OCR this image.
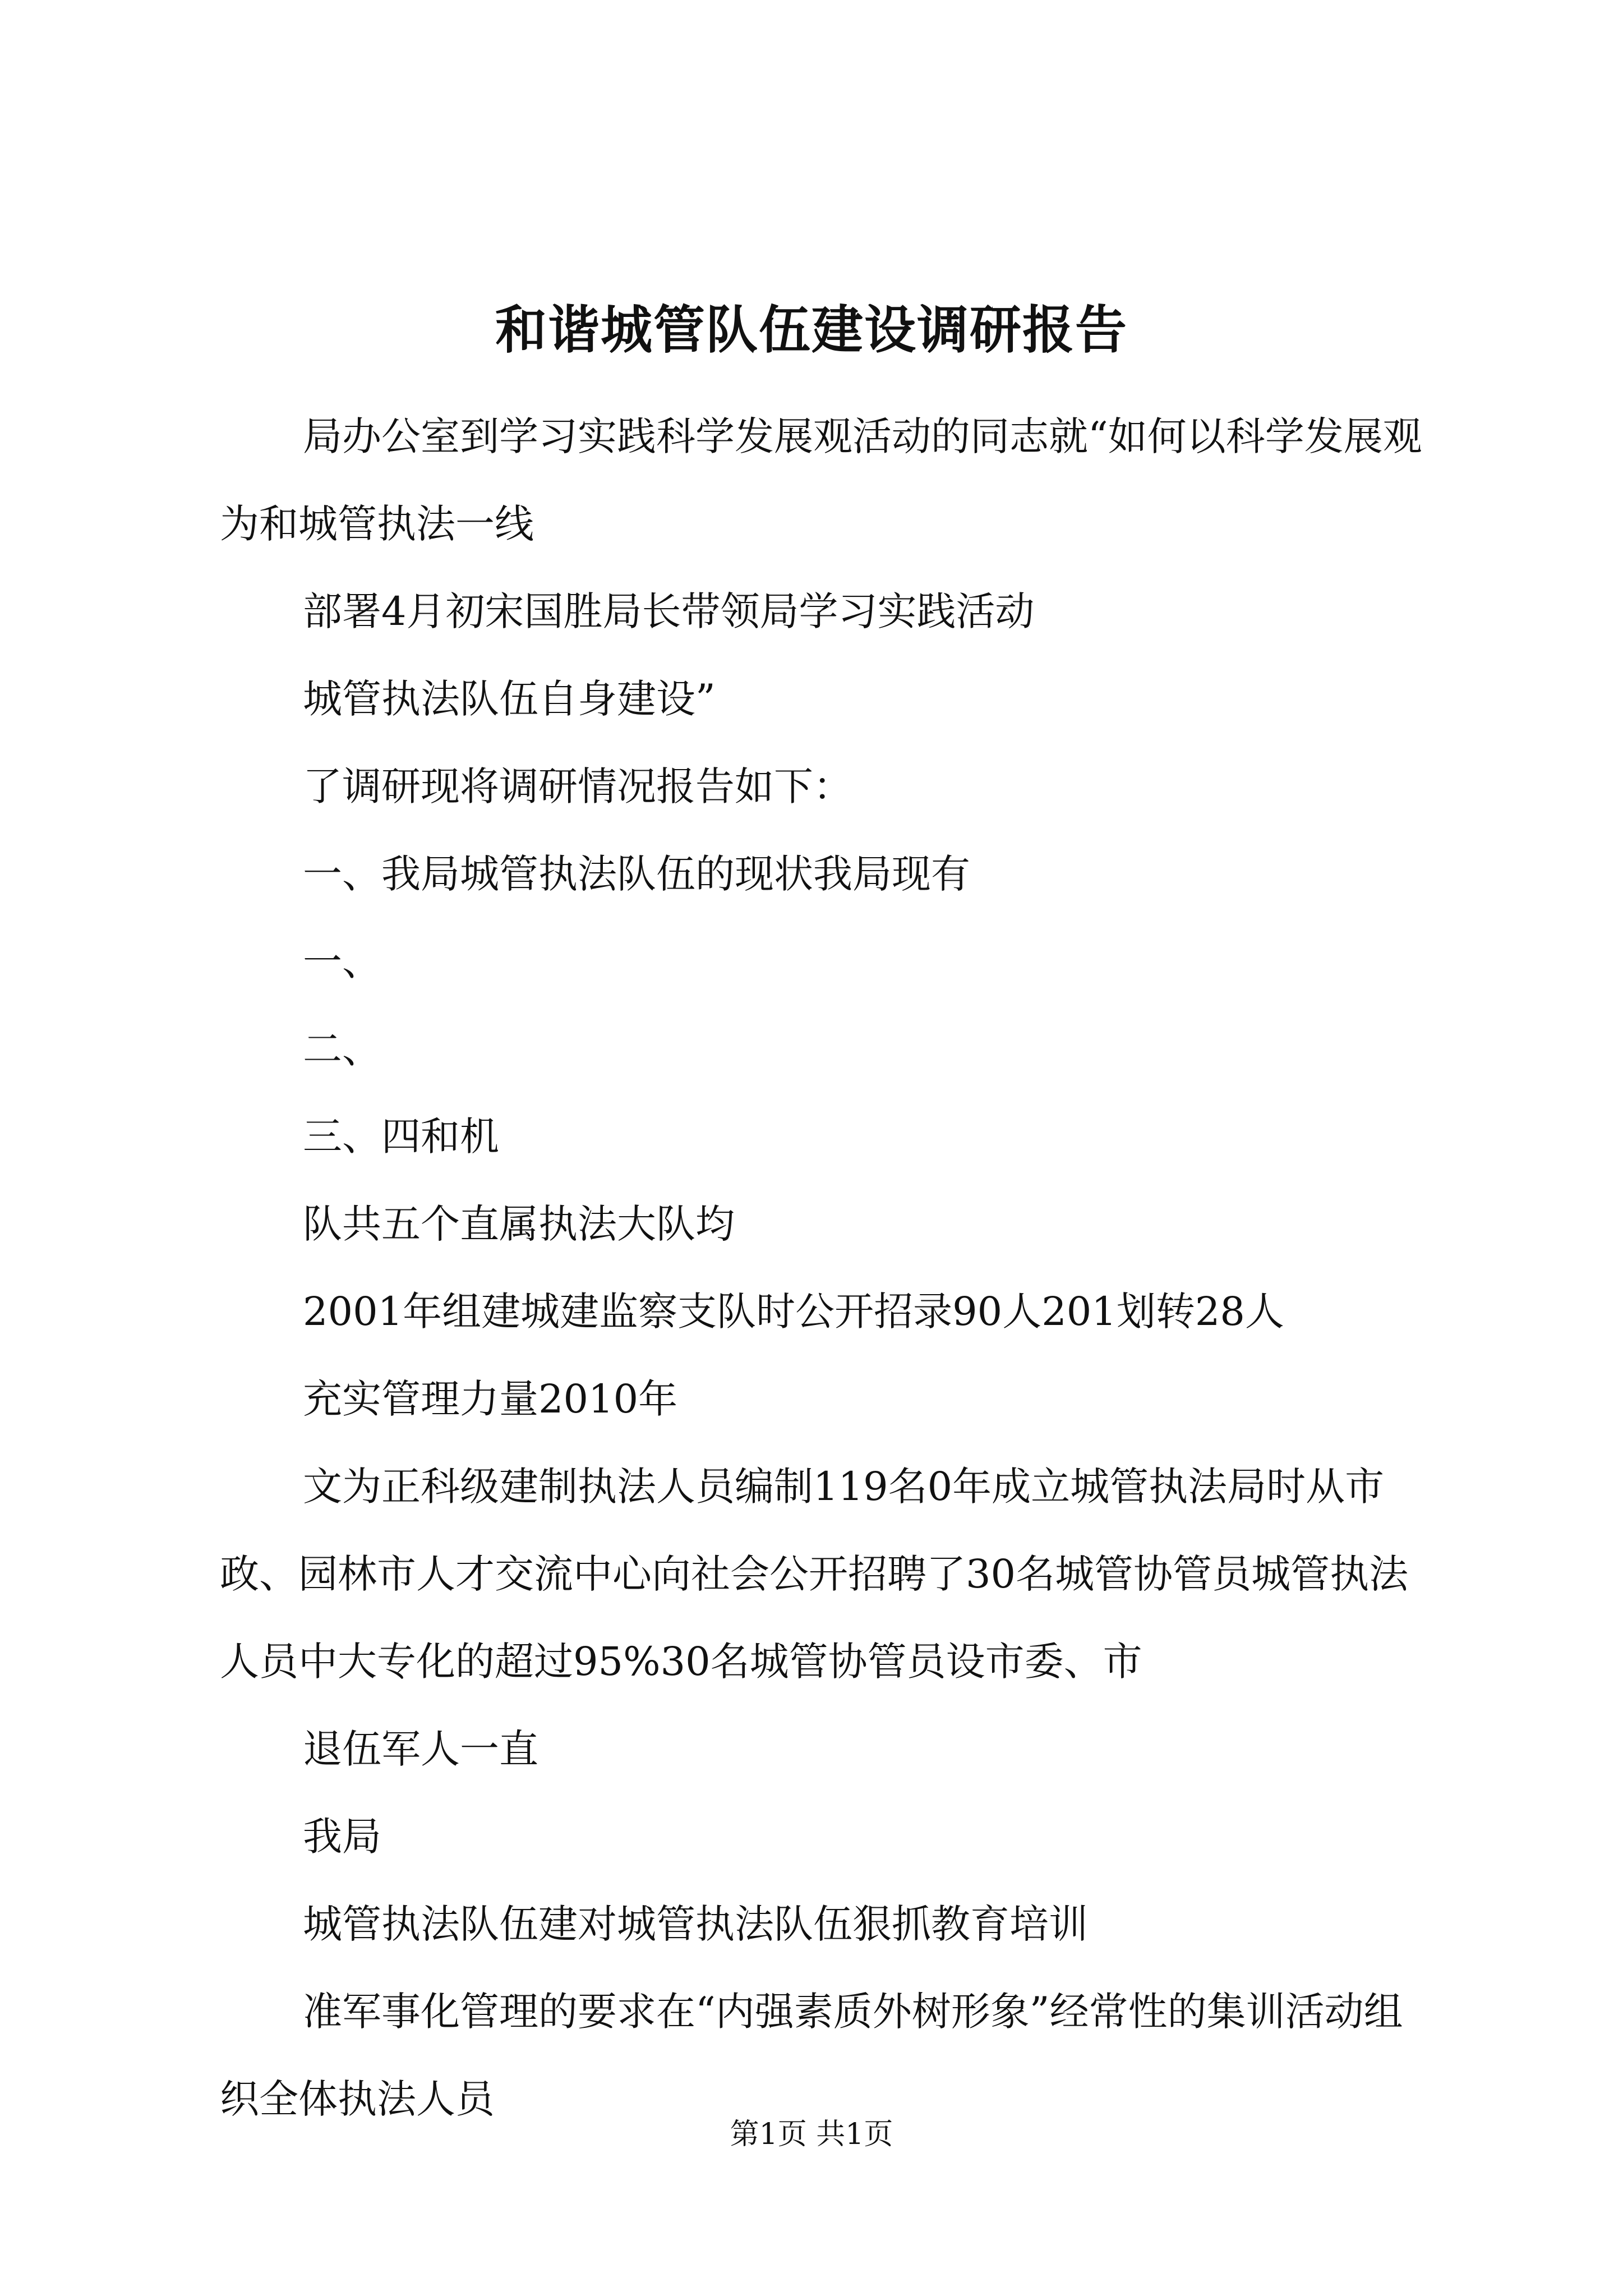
和谐城管队伍建设调研报告

局办公室到学习实践科学发展观活动的同志就“如何以科学发展观为和城管执法一线

部署4月初宋国胜局长带领局学习实践活动

城管执法队伍自身建设”

了调研现将调研情况报告如下：

一、我局城管执法队伍的现状我局现有

一、

二、

三、四和机

队共五个直属执法大队均

2001年组建城建监察支队时公开招录90人201划转28人

充实管理力量2010年

文为正科级建制执法人员编制119名0年成立城管执法局时从市政、园林市人才交流中心向社会公开招聘了30名城管协管员城管执法人员中大专化的超过95%30名城管协管员设市委、市

退伍军人一直

我局

城管执法队伍建对城管执法队伍狠抓教育培训

准军事化管理的要求在“内强素质外树形象”经常性的集训活动组织全体执法人员

第1页 共1页
